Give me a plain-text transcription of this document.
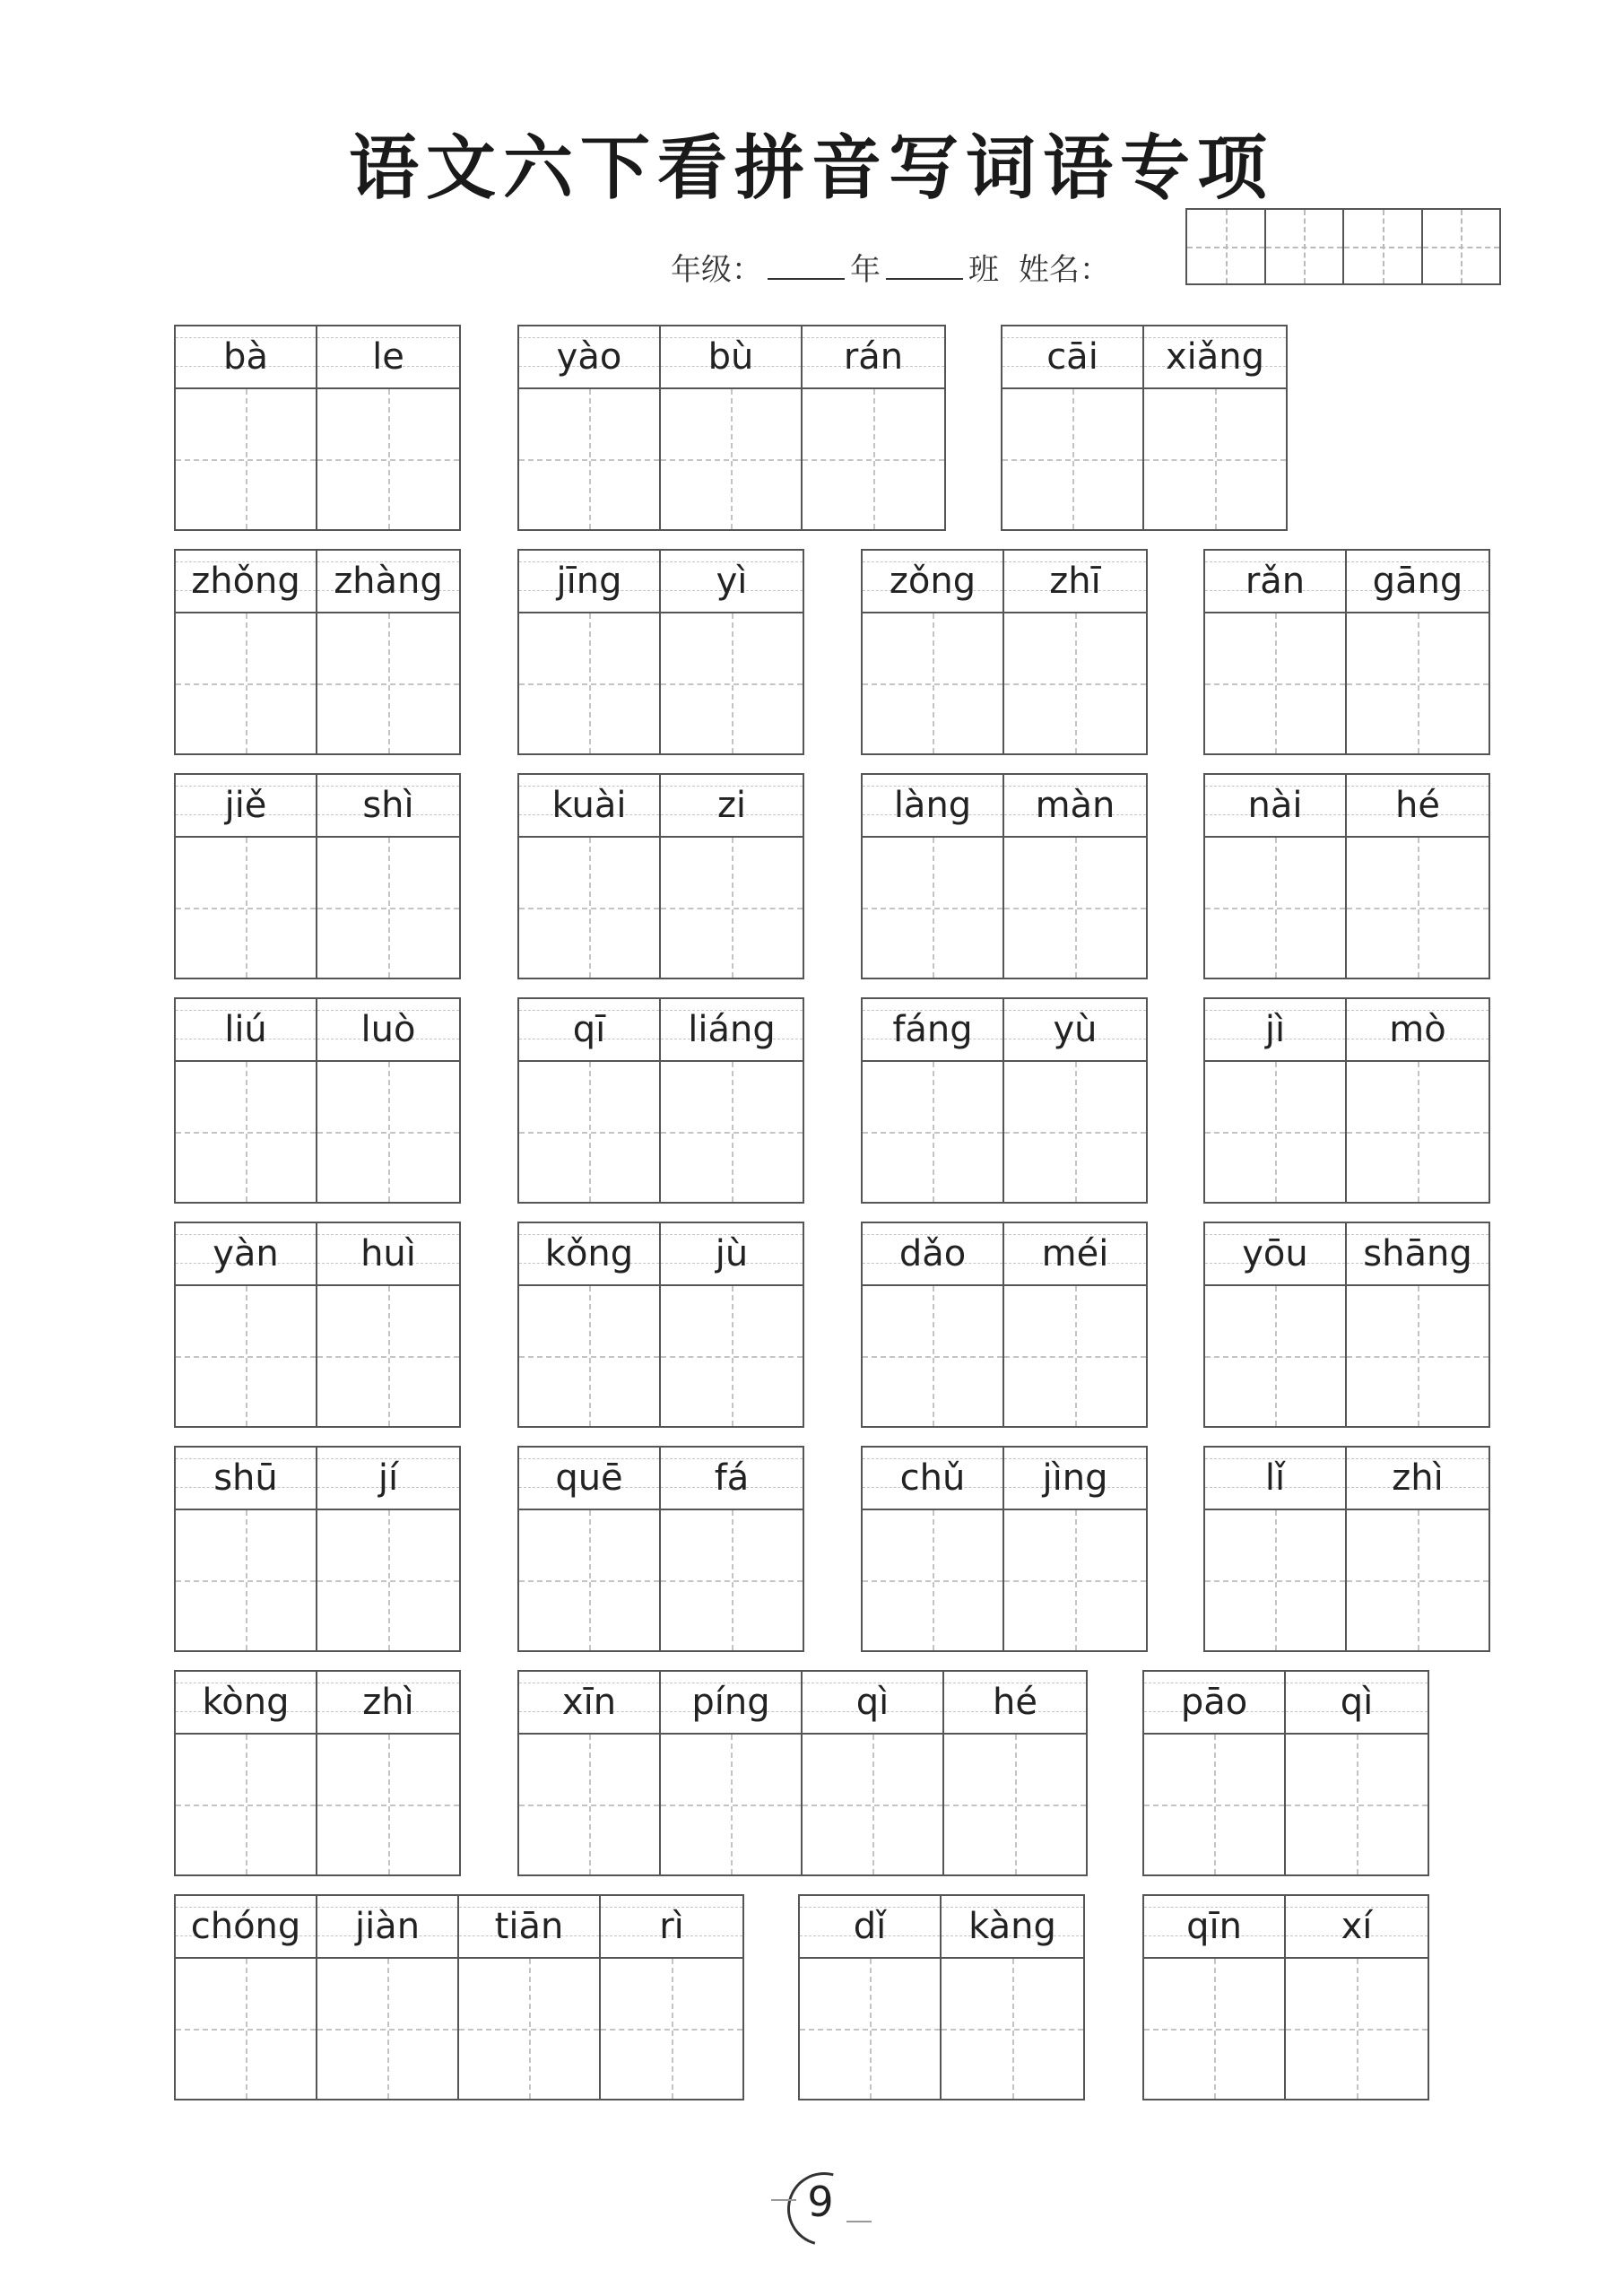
语文六下看拼音写词语专项
年级：	年	班 姓名：
bà	le	yào bù	rán	cāi xiǎng
zhǒng zhàng	jīng	yì	zǒng zhī	rǎn gāng
jiě	shì	kuài	zi	làng màn	nài	hé
liú	luò	qī liáng	fáng yù	jì	mò
yàn huì	kǒng jù	dǎo méi	yōu shāng
shū	jí	quē	fá	chǔ jìng	lǐ	zhì
kòng zhì	xīn píng qì	hé	pāo	qì
chóng jiàn tiān	rì	dǐ kàng	qīn	xí
9
